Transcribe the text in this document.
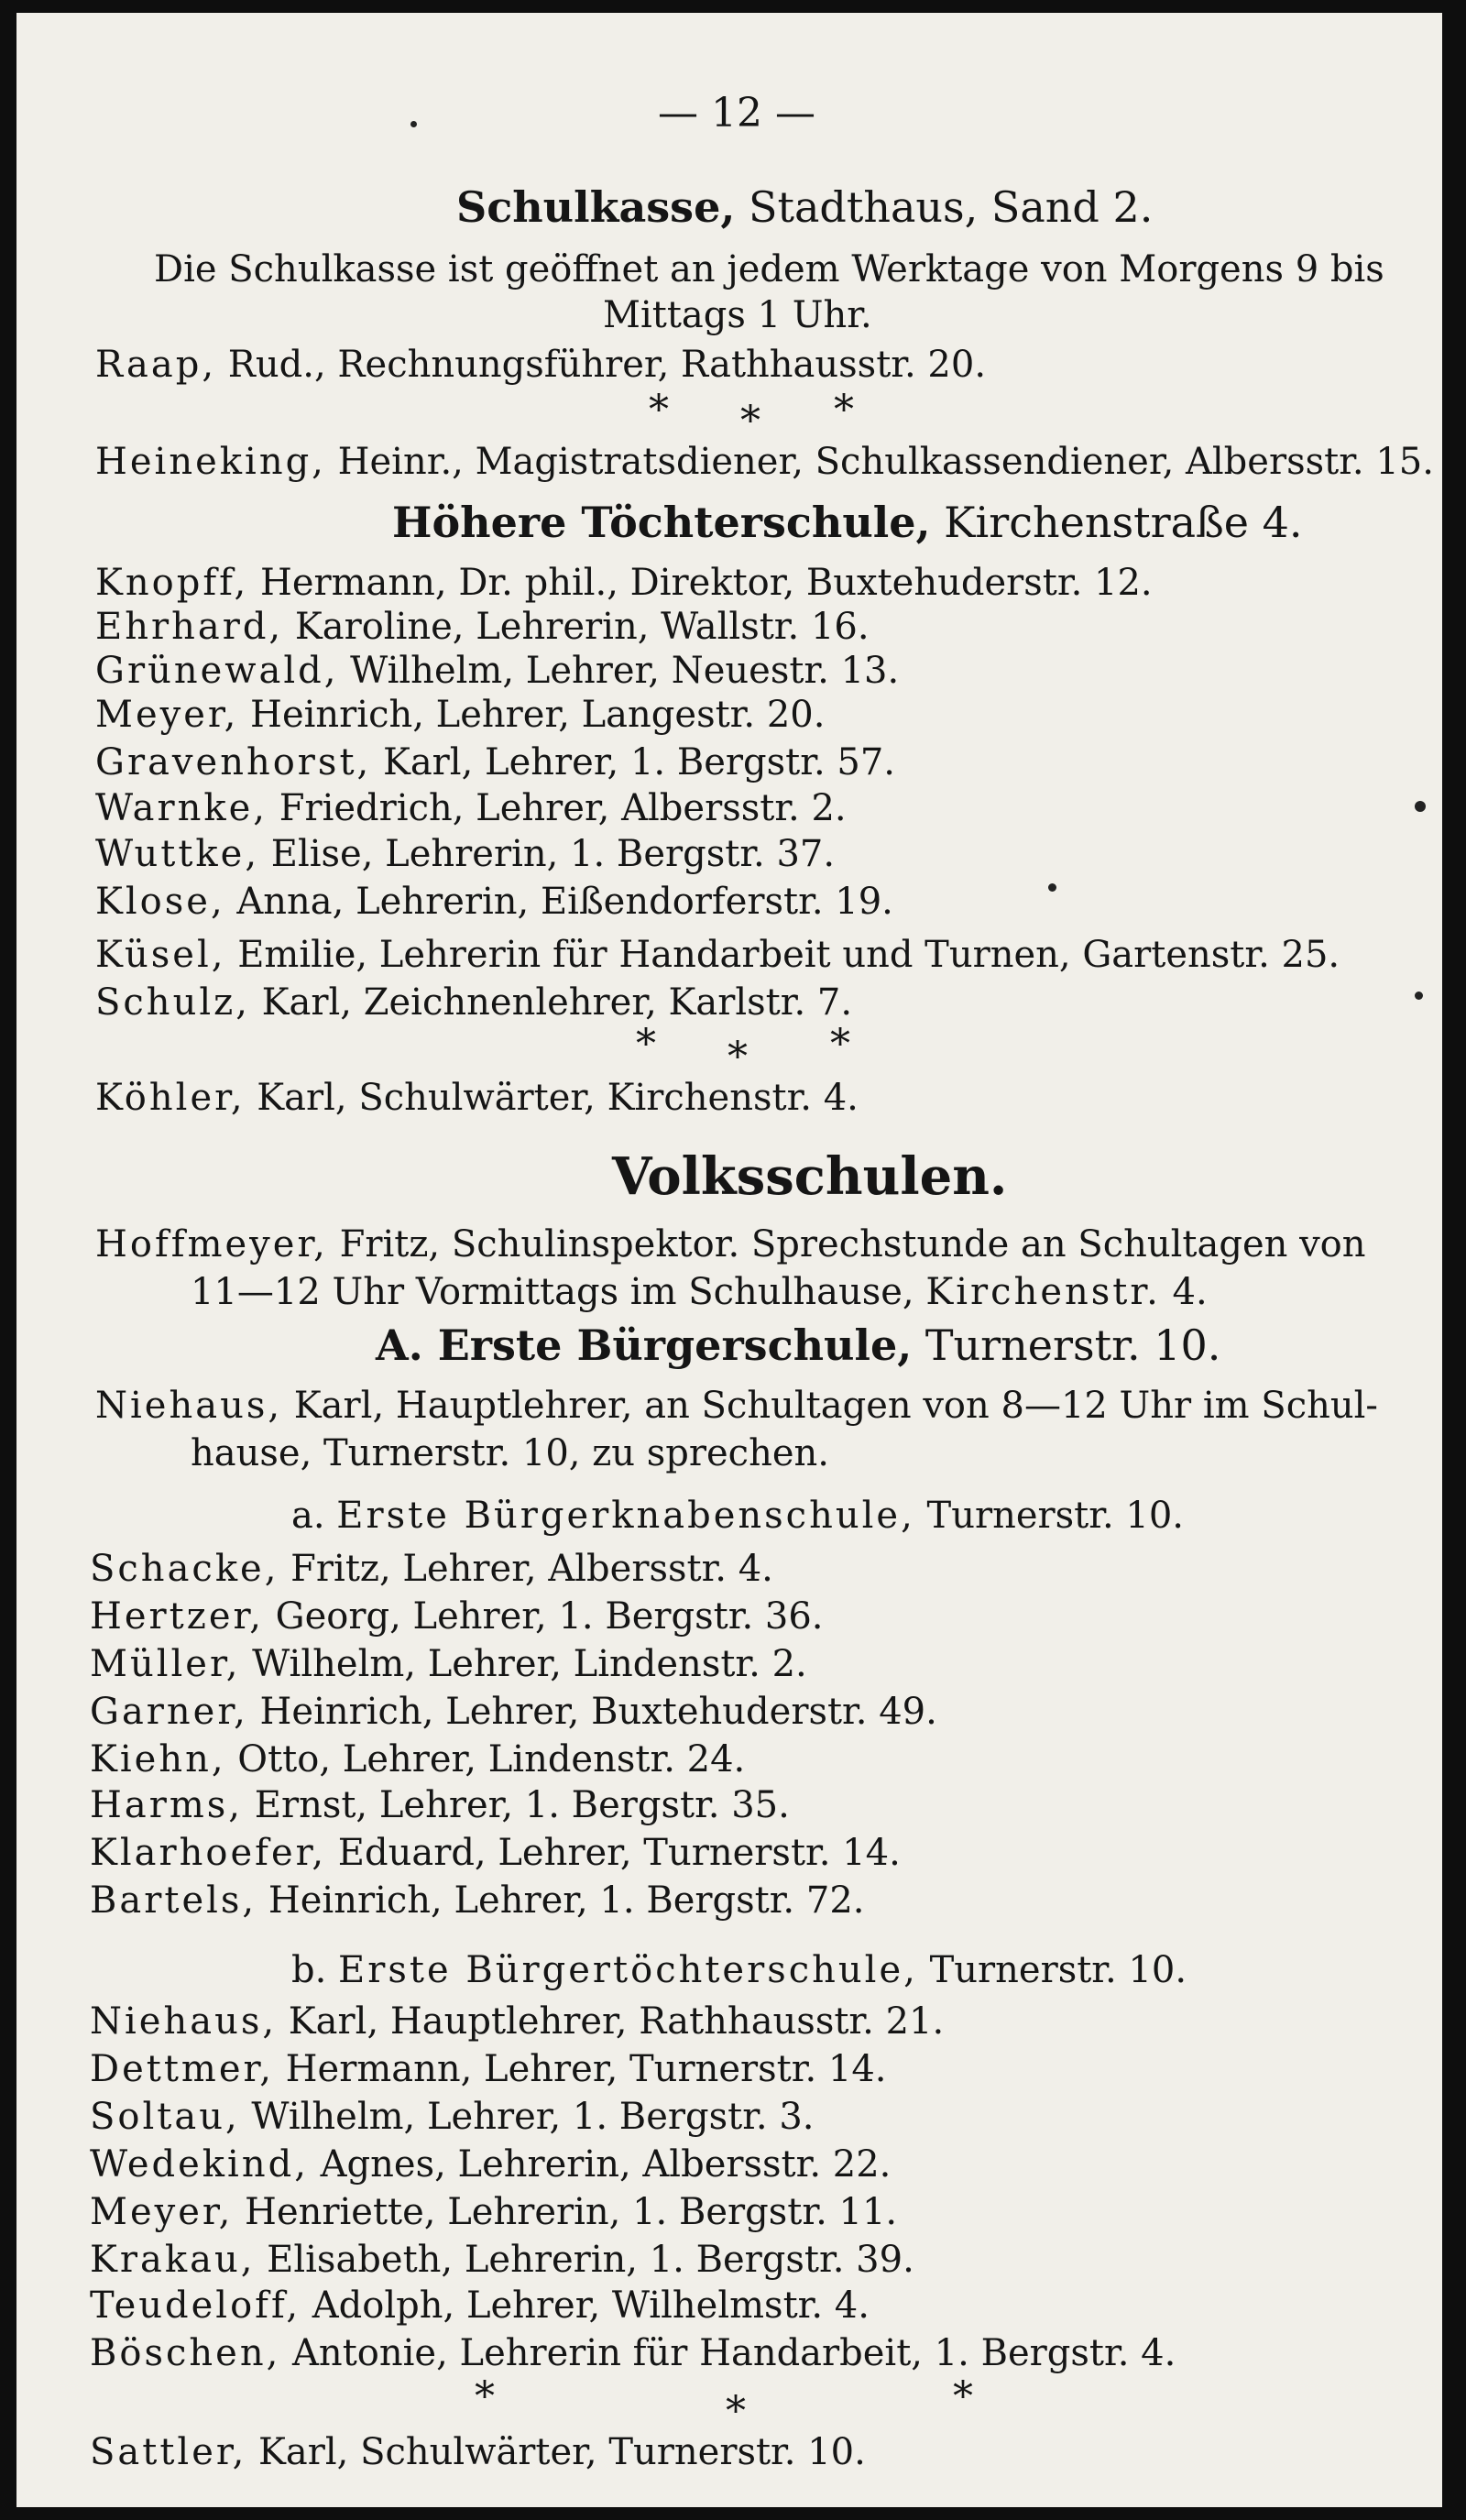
— 12 —
Schulkasse, Stadthaus, Sand 2.
Die Schulkasse ist geöffnet an jedem Werktage von Morgens 9 bis
Mittags 1 Uhr.
Raap, Rud., Rechnungsführer, Rathhausstr. 20.
* * *
Heineking, Heinr., Magistratsdiener, Schulkassendiener, Albersstr. 15.
Höhere Töchterschule, Kirchenstraße 4.
Knopff, Hermann, Dr. phil., Direktor, Buxtehuderstr. 12.
Ehrhard, Karoline, Lehrerin, Wallstr. 16.
Grünewald, Wilhelm, Lehrer, Neuestr. 13.
Meyer, Heinrich, Lehrer, Langestr. 20.
Gravenhorst, Karl, Lehrer, 1. Bergstr. 57.
Warnke, Friedrich, Lehrer, Albersstr. 2.
Wuttke, Elise, Lehrerin, 1. Bergstr. 37.
Klose, Anna, Lehrerin, Eißendorferstr. 19.
Küsel, Emilie, Lehrerin für Handarbeit und Turnen, Gartenstr. 25.
Schulz, Karl, Zeichnenlehrer, Karlstr. 7.
* * *
Köhler, Karl, Schulwärter, Kirchenstr. 4.
Volksschulen.
Hoffmeyer, Fritz, Schulinspektor. Sprechstunde an Schultagen von
11—12 Uhr Vormittags im Schulhause, Kirchenstr. 4.
A. Erste Bürgerschule, Turnerstr. 10.
Niehaus, Karl, Hauptlehrer, an Schultagen von 8—12 Uhr im Schul-
hause, Turnerstr. 10, zu sprechen.
a. Erste Bürgerknabenschule, Turnerstr. 10.
Schacke, Fritz, Lehrer, Albersstr. 4.
Hertzer, Georg, Lehrer, 1. Bergstr. 36.
Müller, Wilhelm, Lehrer, Lindenstr. 2.
Garner, Heinrich, Lehrer, Buxtehuderstr. 49.
Kiehn, Otto, Lehrer, Lindenstr. 24.
Harms, Ernst, Lehrer, 1. Bergstr. 35.
Klarhoefer, Eduard, Lehrer, Turnerstr. 14.
Bartels, Heinrich, Lehrer, 1. Bergstr. 72.
b. Erste Bürgertöchterschule, Turnerstr. 10.
Niehaus, Karl, Hauptlehrer, Rathhausstr. 21.
Dettmer, Hermann, Lehrer, Turnerstr. 14.
Soltau, Wilhelm, Lehrer, 1. Bergstr. 3.
Wedekind, Agnes, Lehrerin, Albersstr. 22.
Meyer, Henriette, Lehrerin, 1. Bergstr. 11.
Krakau, Elisabeth, Lehrerin, 1. Bergstr. 39.
Teudeloff, Adolph, Lehrer, Wilhelmstr. 4.
Böschen, Antonie, Lehrerin für Handarbeit, 1. Bergstr. 4.
*	*	*
Sattler, Karl, Schulwärter, Turnerstr. 10.
